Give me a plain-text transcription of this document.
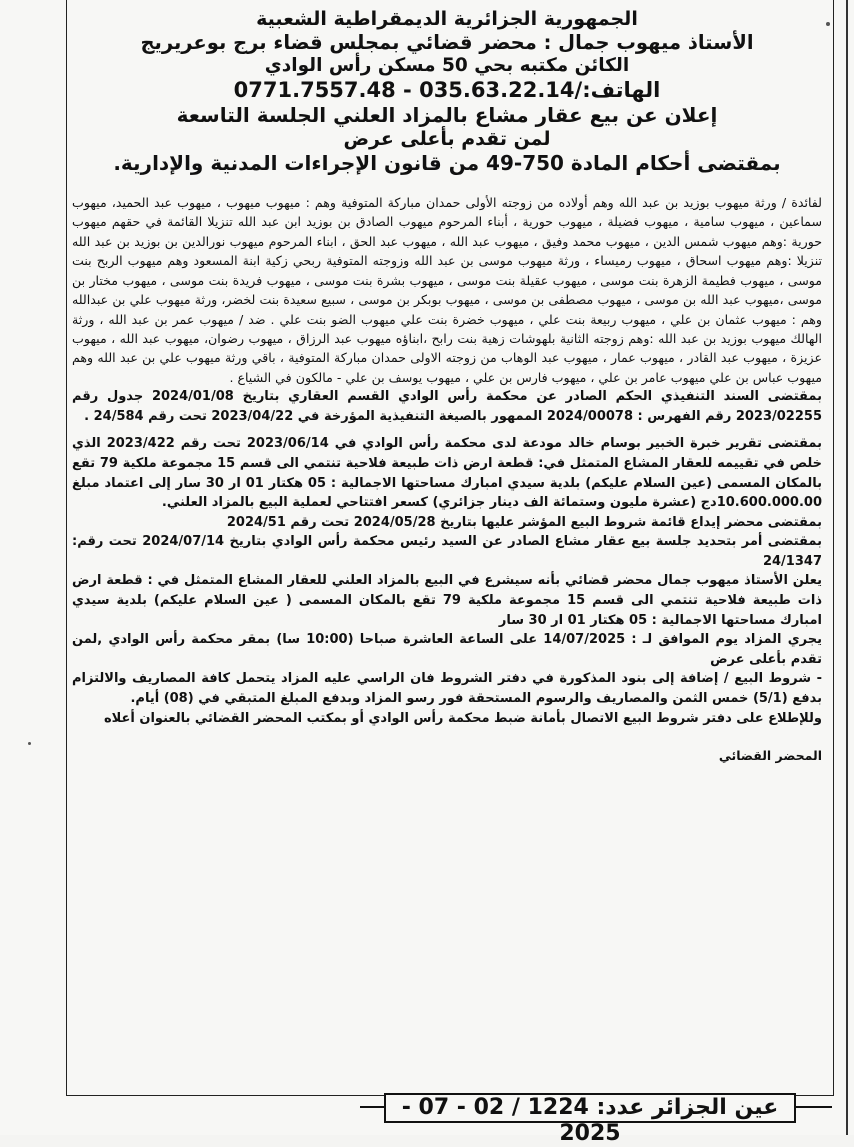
الجمهورية الجزائرية الديمقراطية الشعبية

الأستاذ ميهوب جمال : محضر قضائي بمجلس قضاء برج بوعريريج

الكائن مكتبه بحي 50 مسكن رأس الوادي

الهاتف:/035.63.22.14 - 0771.7557.48

إعلان عن بيع عقار مشاع بالمزاد العلني الجلسة التاسعة

لمن تقدم بأعلى عرض

بمقتضى أحكام المادة 750-49 من قانون الإجراءات المدنية والإدارية.

لفائدة / ورثة ميهوب بوزيد بن عبد الله وهم أولاده من زوجته الأولى حمدان مباركة المتوفية وهم : ميهوب ميهوب ، ميهوب عبد الحميد، ميهوب سماعين ، ميهوب سامية ، ميهوب فضيلة ، ميهوب حورية ، أبناء المرحوم ميهوب الصادق بن بوزيد ابن عبد الله تنزيلا القائمة في حقهم ميهوب حورية :وهم ميهوب شمس الدين ، ميهوب محمد وفيق ، ميهوب عبد الله ، ميهوب عبد الحق ، ابناء المرحوم ميهوب نورالدين بن بوزيد بن عبد الله تنزيلا :وهم ميهوب اسحاق ، ميهوب رميساء ، ورثة ميهوب موسى بن عبد الله وزوجته المتوفية ربحي زكية ابنة المسعود وهم ميهوب الربح بنت موسى ، ميهوب فطيمة الزهرة بنت موسى ، ميهوب عقيلة بنت موسى ، ميهوب بشرة بنت موسى ، ميهوب فريدة بنت موسى ، ميهوب مختار بن موسى ،ميهوب عبد الله بن موسى ، ميهوب مصطفى بن موسى ، ميهوب بوبكر بن موسى ، سبيع سعيدة بنت لخضر، ورثة ميهوب علي بن عبدالله وهم : ميهوب عثمان بن علي ، ميهوب ربيعة بنت علي ، ميهوب خضرة بنت علي ميهوب الضو بنت علي . ضد / ميهوب عمر بن عبد الله ، ورثة الهالك ميهوب بوزيد بن عبد الله :وهم زوجته الثانية بلهوشات زهية بنت رابح ،ابناؤه ميهوب عبد الرزاق ، ميهوب رضوان، ميهوب عبد الله ، ميهوب عزيزة ، ميهوب عبد القادر ، ميهوب عمار ، ميهوب عبد الوهاب من زوجته الاولى حمدان مباركة المتوفية ، باقي ورثة ميهوب علي بن عبد الله وهم ميهوب عباس بن علي ميهوب عامر بن علي ، ميهوب فارس بن علي ، ميهوب يوسف بن علي - مالكون في الشياع .

بمقتضى السند التنفيذي الحكم الصادر عن محكمة رأس الوادي القسم العقاري بتاريخ 2024/01/08 جدول رقم 2023/02255 رقم الفهرس : 2024/00078 الممهور بالصيغة التنفيذية المؤرخة في 2023/04/22 تحت رقم 24/584 .

بمقتضى تقرير خبرة الخبير بوسام خالد مودعة لدى محكمة رأس الوادي في 2023/06/14 تحت رقم 2023/422 الذي خلص في تقييمه للعقار المشاع المتمثل في: قطعة ارض ذات طبيعة فلاحية تنتمي الى قسم 15 مجموعة ملكية 79 تقع بالمكان المسمى (عين السلام عليكم) بلدية سيدي امبارك مساحتها الاجمالية : 05 هكتار 01 ار 30 سار إلى اعتماد مبلغ 10.600.000.00دج (عشرة مليون وستمائة الف دينار جزائري) كسعر افتتاحي لعملية البيع بالمزاد العلني.

بمقتضى محضر إيداع قائمة شروط البيع المؤشر عليها بتاريخ 2024/05/28 تحت رقم 2024/51

بمقتضى أمر بتحديد جلسة بيع عقار مشاع الصادر عن السيد رئيس محكمة رأس الوادي بتاريخ 2024/07/14 تحت رقم: 24/1347

يعلن الأستاذ ميهوب جمال محضر قضائي بأنه سيشرع في البيع بالمزاد العلني للعقار المشاع المتمثل في : قطعة ارض ذات طبيعة فلاحية تنتمي الى قسم 15 مجموعة ملكية 79 تقع بالمكان المسمى ( عين السلام عليكم) بلدية سيدي امبارك مساحتها الاجمالية : 05 هكتار 01 ار 30 سار

يجري المزاد يوم الموافق لـ : 14/07/2025 على الساعة العاشرة صباحا (10:00 سا) بمقر محكمة رأس الوادي ,لمن تقدم بأعلى عرض

- شروط البيع / إضافة إلى بنود المذكورة في دفتر الشروط فان الراسي عليه المزاد يتحمل كافة المصاريف والالتزام بدفع (5/1) خمس الثمن والمصاريف والرسوم المستحقة فور رسو المزاد وبدفع المبلغ المتبقي في (08) أيام.

وللإطلاع على دفتر شروط البيع الاتصال بأمانة ضبط محكمة رأس الوادي أو بمكتب المحضر القضائي بالعنوان أعلاه

المحضر القضائي

عين الجزائر عدد: 1224 / 02 - 07 - 2025
